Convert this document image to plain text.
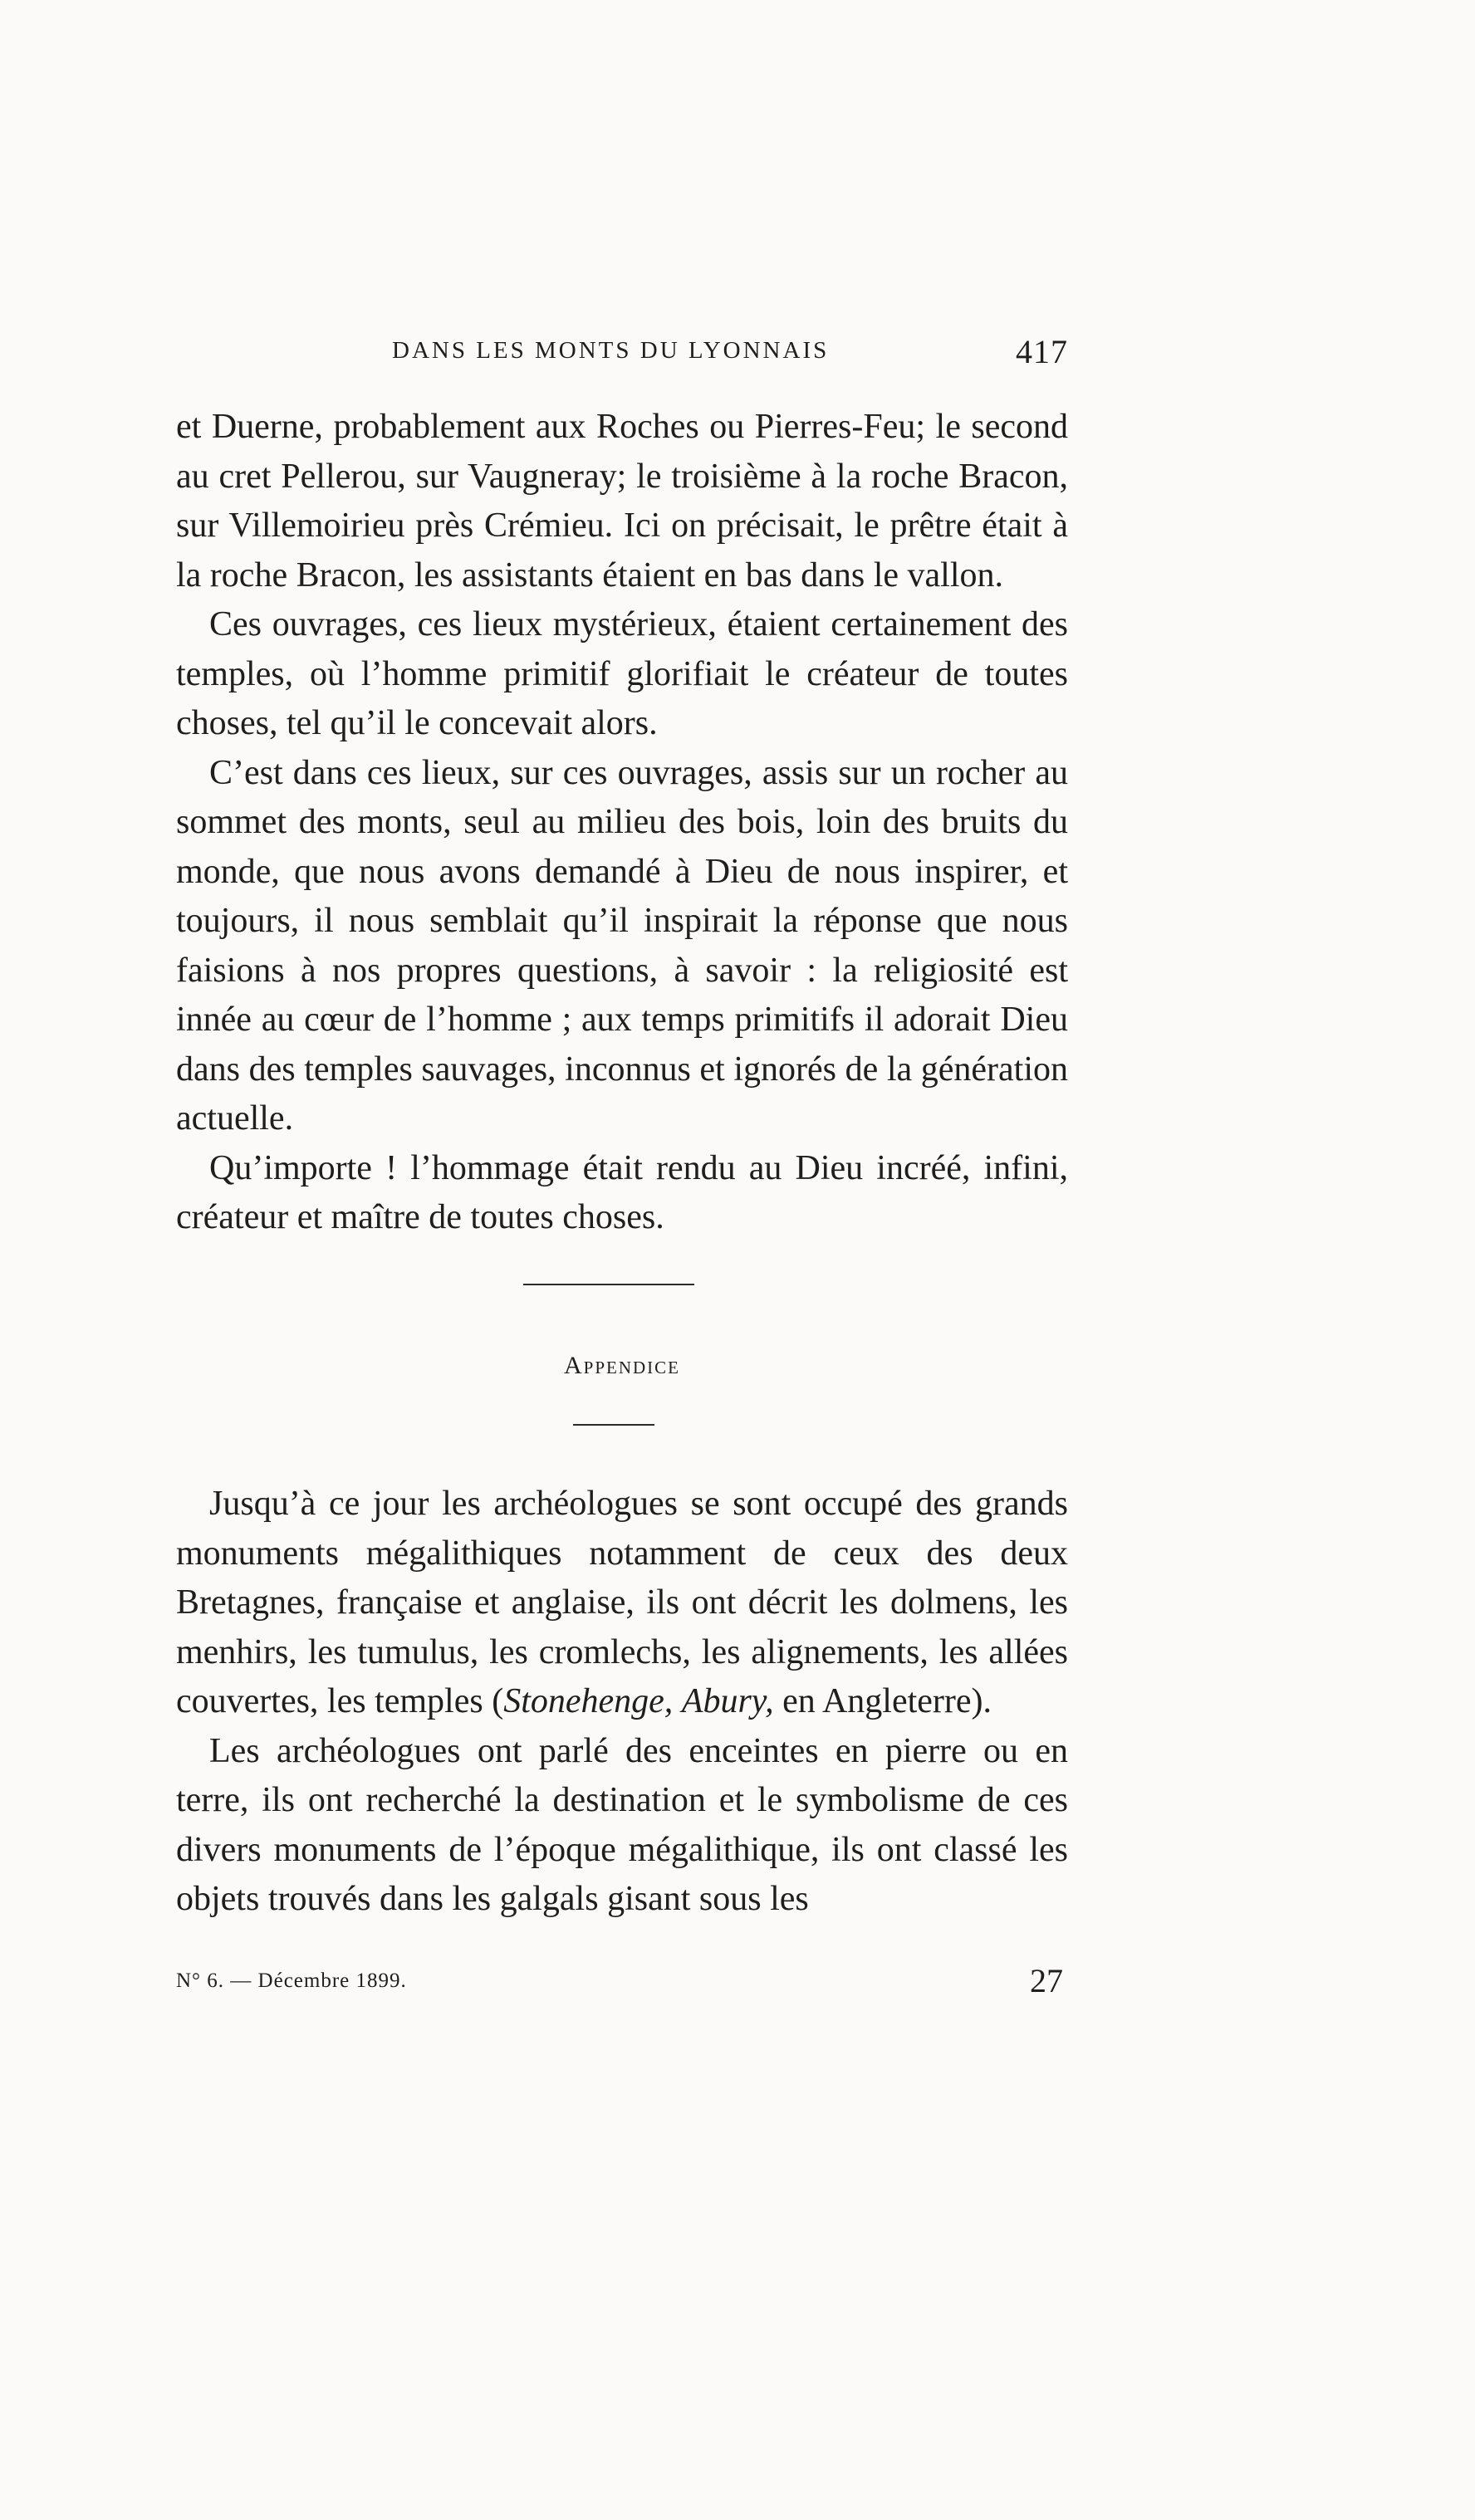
DANS LES MONTS DU LYONNAIS	417

et Duerne, probablement aux Roches ou Pierres-Feu; le second au cret Pellerou, sur Vaugneray; le troisième à la roche Bracon, sur Villemoirieu près Crémieu. Ici on précisait, le prêtre était à la roche Bracon, les assistants étaient en bas dans le vallon.

Ces ouvrages, ces lieux mystérieux, étaient certainement des temples, où l’homme primitif glorifiait le créateur de toutes choses, tel qu’il le concevait alors.

C’est dans ces lieux, sur ces ouvrages, assis sur un rocher au sommet des monts, seul au milieu des bois, loin des bruits du monde, que nous avons demandé à Dieu de nous inspirer, et toujours, il nous semblait qu’il inspirait la réponse que nous faisions à nos propres questions, à savoir : la religiosité est innée au cœur de l’homme ; aux temps primitifs il adorait Dieu dans des temples sauvages, inconnus et ignorés de la génération actuelle.

Qu’importe ! l’hommage était rendu au Dieu incréé, infini, créateur et maître de toutes choses.

Appendice

Jusqu’à ce jour les archéologues se sont occupé des grands monuments mégalithiques notamment de ceux des deux Bretagnes, française et anglaise, ils ont décrit les dolmens, les menhirs, les tumulus, les cromlechs, les alignements, les allées couvertes, les temples (Stonehenge, Abury, en Angleterre).

Les archéologues ont parlé des enceintes en pierre ou en terre, ils ont recherché la destination et le symbolisme de ces divers monuments de l’époque mégalithique, ils ont classé les objets trouvés dans les galgals gisant sous les

N° 6. — Décembre 1899.	27
